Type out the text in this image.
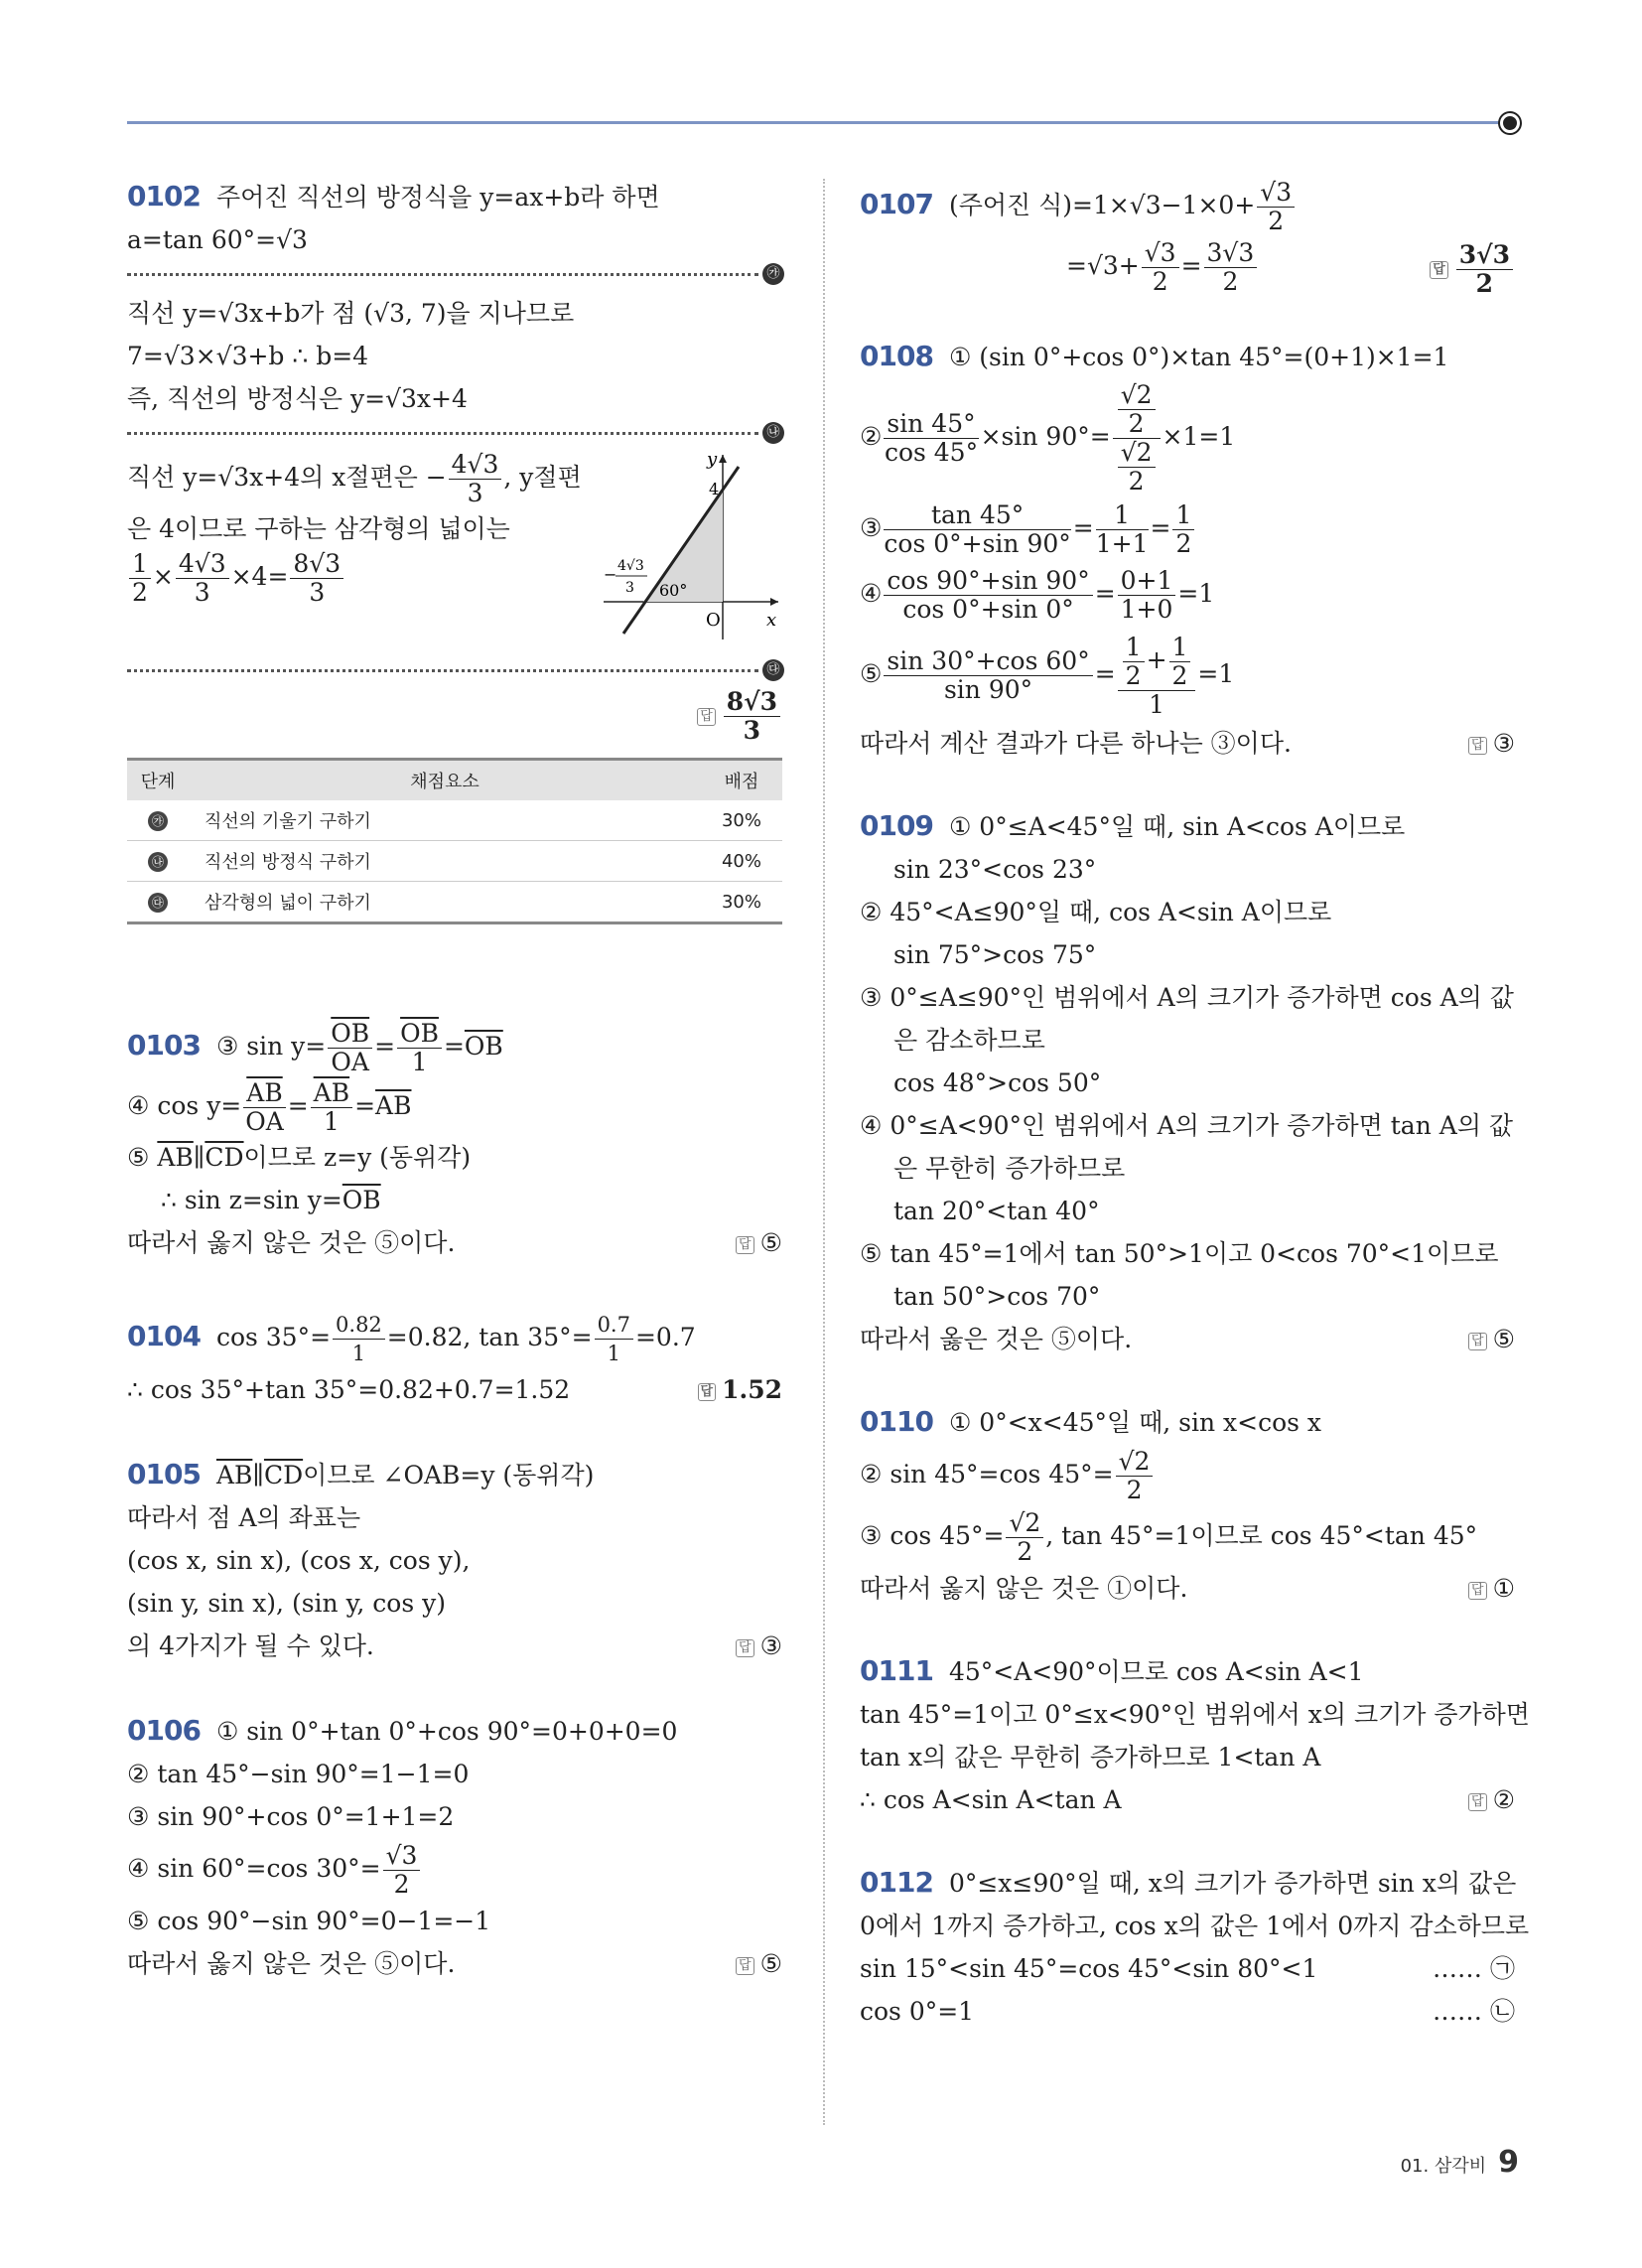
0102 주어진 직선의 방정식을 y=ax+b라 하면
a=tan 60°=√3
㉮
직선 y=√3x+b가 점 (√3, 7)을 지나므로
7=√3×√3+b ∴ b=4
즉, 직선의 방정식은 y=√3x+4
㉯
직선 y=√3x+4의 x절편은 − $\frac{4√3}{3}$ , y절편
은 4이므로 구하는 삼각형의 넓이는
$\frac{1}{2} \times \frac{4√3}{3} \times 4= \frac{8√3}{3}$
y
x
O
4
60°
− 4√3
3
㉰
답 $\frac{8√3}{3}$
단계	채점요소	배점
㉮	직선의 기울기 구하기	30%
㉯	직선의 방정식 구하기	40%
㉰	삼각형의 넓이 구하기	30%
0103 ③ $\sin y= \frac{\overline{OB}}{OA} = \frac{\overline{OB}}{1} =\overline{OB}$
④ $\cos y= \frac{\overline{AB}}{OA} = \frac{\overline{AB}}{1} =\overline{AB}$
⑤ $\overline{AB}\parallel\overline{CD}$이므로 z=y (동위각)
∴ sin z=sin $y=\overline{OB}$
따라서 옳지 않은 것은 ⑤이다.	답 ⑤
0104 $\cos 35^\circ= \frac{0.82}{1} =0.82$, $\tan 35^\circ= \frac{0.7}{1} =0.7$
∴ cos 35°+tan 35°=0.82+0.7=1.52	답 1.52
0105 $\overline{AB}\parallel\overline{CD}$이므로 ∠OAB=y (동위각)
따라서 점 A의 좌표는
(cos x, sin x), (cos x, cos y),
(sin y, sin x), (sin y, cos y)
의 4가지가 될 수 있다.	답 ③
0106 ① sin 0°+tan 0°+cos 90°=0+0+0=0
② tan 45°−sin 90°=1−1=0
③ sin 90°+cos 0°=1+1=2
④ sin 60°=cos $30^\circ= \frac{√3}{2}$
⑤ cos 90°−sin 90°=0−1=−1
따라서 옳지 않은 것은 ⑤이다.	답 ⑤
0107 (주어진 식)$=1\times√3-1\times 0+ \frac{√3}{2}$
$=√3+ \frac{√3}{2} = \frac{3√3}{2}$	답 $\frac{3√3}{2}$
0108 ① (sin 0°+cos 0°)×tan 45°=(0+1)×1=1
② $\frac{\sin 45^\circ}{\cos 45^\circ} \times\sin$ $90^\circ= \frac{\frac{√2}{2}}{\frac{√2}{2}} \times 1=1$
③ $\frac{\tan 45^\circ}{\cos 0^\circ+\sin 90^\circ} = \frac{1}{1+1} = \frac{1}{2}$
④ $\frac{\cos 90^\circ+\sin 90^\circ}{\cos 0^\circ+\sin 0^\circ} = \frac{0+1}{1+0} =1$
⑤ $\frac{\sin 30^\circ+\cos 60^\circ}{\sin 90^\circ} = \frac{\frac{1}{2} + \frac{1}{2}}{1} =1$
따라서 계산 결과가 다른 하나는 ③이다.	답 ③
0109 ① 0°≤A<45°일 때, sin A<cos A이므로
sin 23°<cos 23°
② 45°<A≤90°일 때, cos A<sin A이므로
sin 75°>cos 75°
③ 0°≤A≤90°인 범위에서 A의 크기가 증가하면 cos A의 값
은 감소하므로
cos 48°>cos 50°
④ 0°≤A<90°인 범위에서 A의 크기가 증가하면 tan A의 값
은 무한히 증가하므로
tan 20°<tan 40°
⑤ tan 45°=1에서 tan 50°>1이고 0<cos 70°<1이므로
tan 50°>cos 70°
따라서 옳은 것은 ⑤이다.	답 ⑤
0110 ① 0°<x<45°일 때, sin x<cos x
② sin 45°=cos $45^\circ= \frac{√2}{2}$
③ $\cos 45^\circ= \frac{√2}{2}$ , tan 45°=1이므로 cos 45°<tan 45°
따라서 옳지 않은 것은 ①이다.	답 ①
0111 45°<A<90°이므로 cos A<sin A<1
tan 45°=1이고 0°≤x<90°인 범위에서 x의 크기가 증가하면
tan x의 값은 무한히 증가하므로 1<tan A
∴ cos A<sin A<tan A	답 ②
0112 0°≤x≤90°일 때, x의 크기가 증가하면 sin x의 값은
0에서 1까지 증가하고, cos x의 값은 1에서 0까지 감소하므로
sin 15°<sin 45°=cos 45°<sin 80°<1	…… ㉠
cos 0°=1	…… ㉡
01. 삼각비 9
